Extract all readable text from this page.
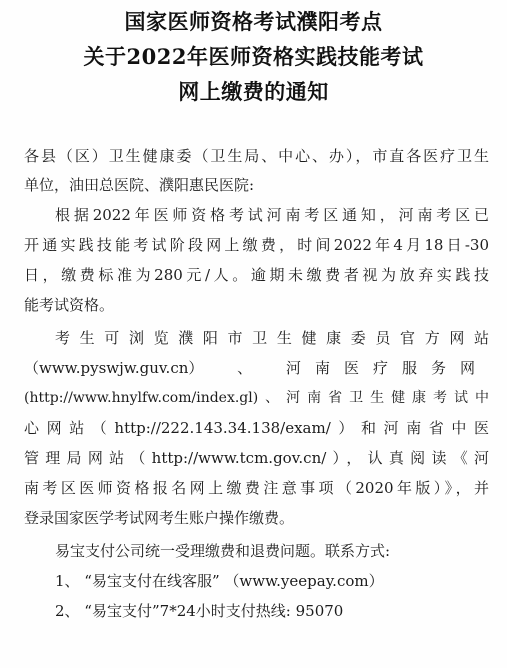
国家医师资格考试濮阳考点
关于2022年医师资格实践技能考试
网上缴费的通知
各县（区）卫生健康委（卫生局、中心、办），市直各医疗卫生
单位，油田总医院、濮阳惠民医院:
根据2022年医师资格考试河南考区通知，河南考区已
开通实践技能考试阶段网上缴费，时间2022年4月18日-30
日，缴费标准为280元/人。逾期未缴费者视为放弃实践技
能考试资格。
考生可浏览濮阳市卫生健康委员官方网站
（www.pyswjw.guv.cn） 、 河南医疗服务网
(http://www.hnylfw.com/index.gl)、河南省卫生健康考试中
心网站（http://222.143.34.138/exam/）和河南省中医
管理局网站（http://www.tcm.gov.cn/），认真阅读《河
南考区医师资格报名网上缴费注意事项（2020年版）》，并
登录国家医学考试网考生账户操作缴费。
易宝支付公司统一受理缴费和退费问题。联系方式:
1、 “易宝支付在线客服” （www.yeepay.com）
2、 “易宝支付”7*24小时支付热线: 95070
